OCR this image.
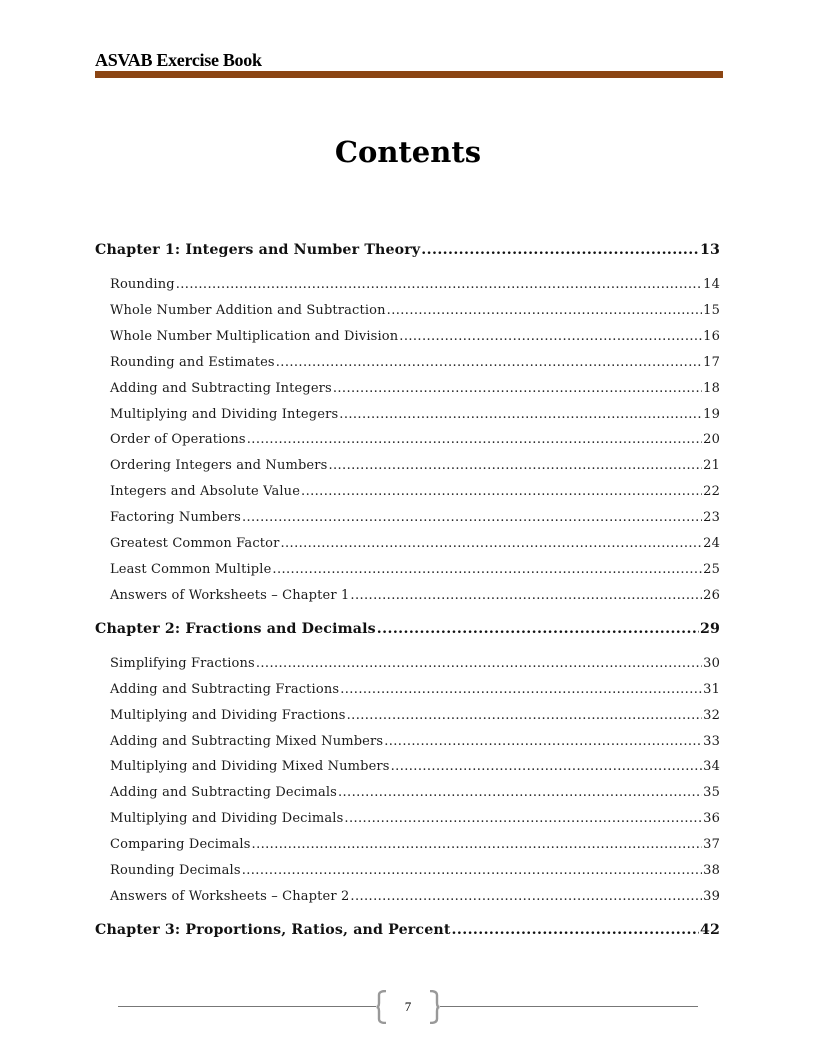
ASVAB Exercise Book
Contents
Chapter 1: Integers and Number Theory .....	13
Rounding .....	14
Whole Number Addition and Subtraction .....	15
Whole Number Multiplication and Division .....	16
Rounding and Estimates .....	17
Adding and Subtracting Integers .....	18
Multiplying and Dividing Integers .....	19
Order of Operations .....	20
Ordering Integers and Numbers .....	21
Integers and Absolute Value .....	22
Factoring Numbers .....	23
Greatest Common Factor .....	24
Least Common Multiple .....	25
Answers of Worksheets – Chapter 1 .....	26
Chapter 2: Fractions and Decimals .....	29
Simplifying Fractions .....	30
Adding and Subtracting Fractions .....	31
Multiplying and Dividing Fractions .....	32
Adding and Subtracting Mixed Numbers .....	33
Multiplying and Dividing Mixed Numbers .....	34
Adding and Subtracting Decimals .....	35
Multiplying and Dividing Decimals .....	36
Comparing Decimals .....	37
Rounding Decimals .....	38
Answers of Worksheets – Chapter 2 .....	39
Chapter 3: Proportions, Ratios, and Percent .....	42
7
